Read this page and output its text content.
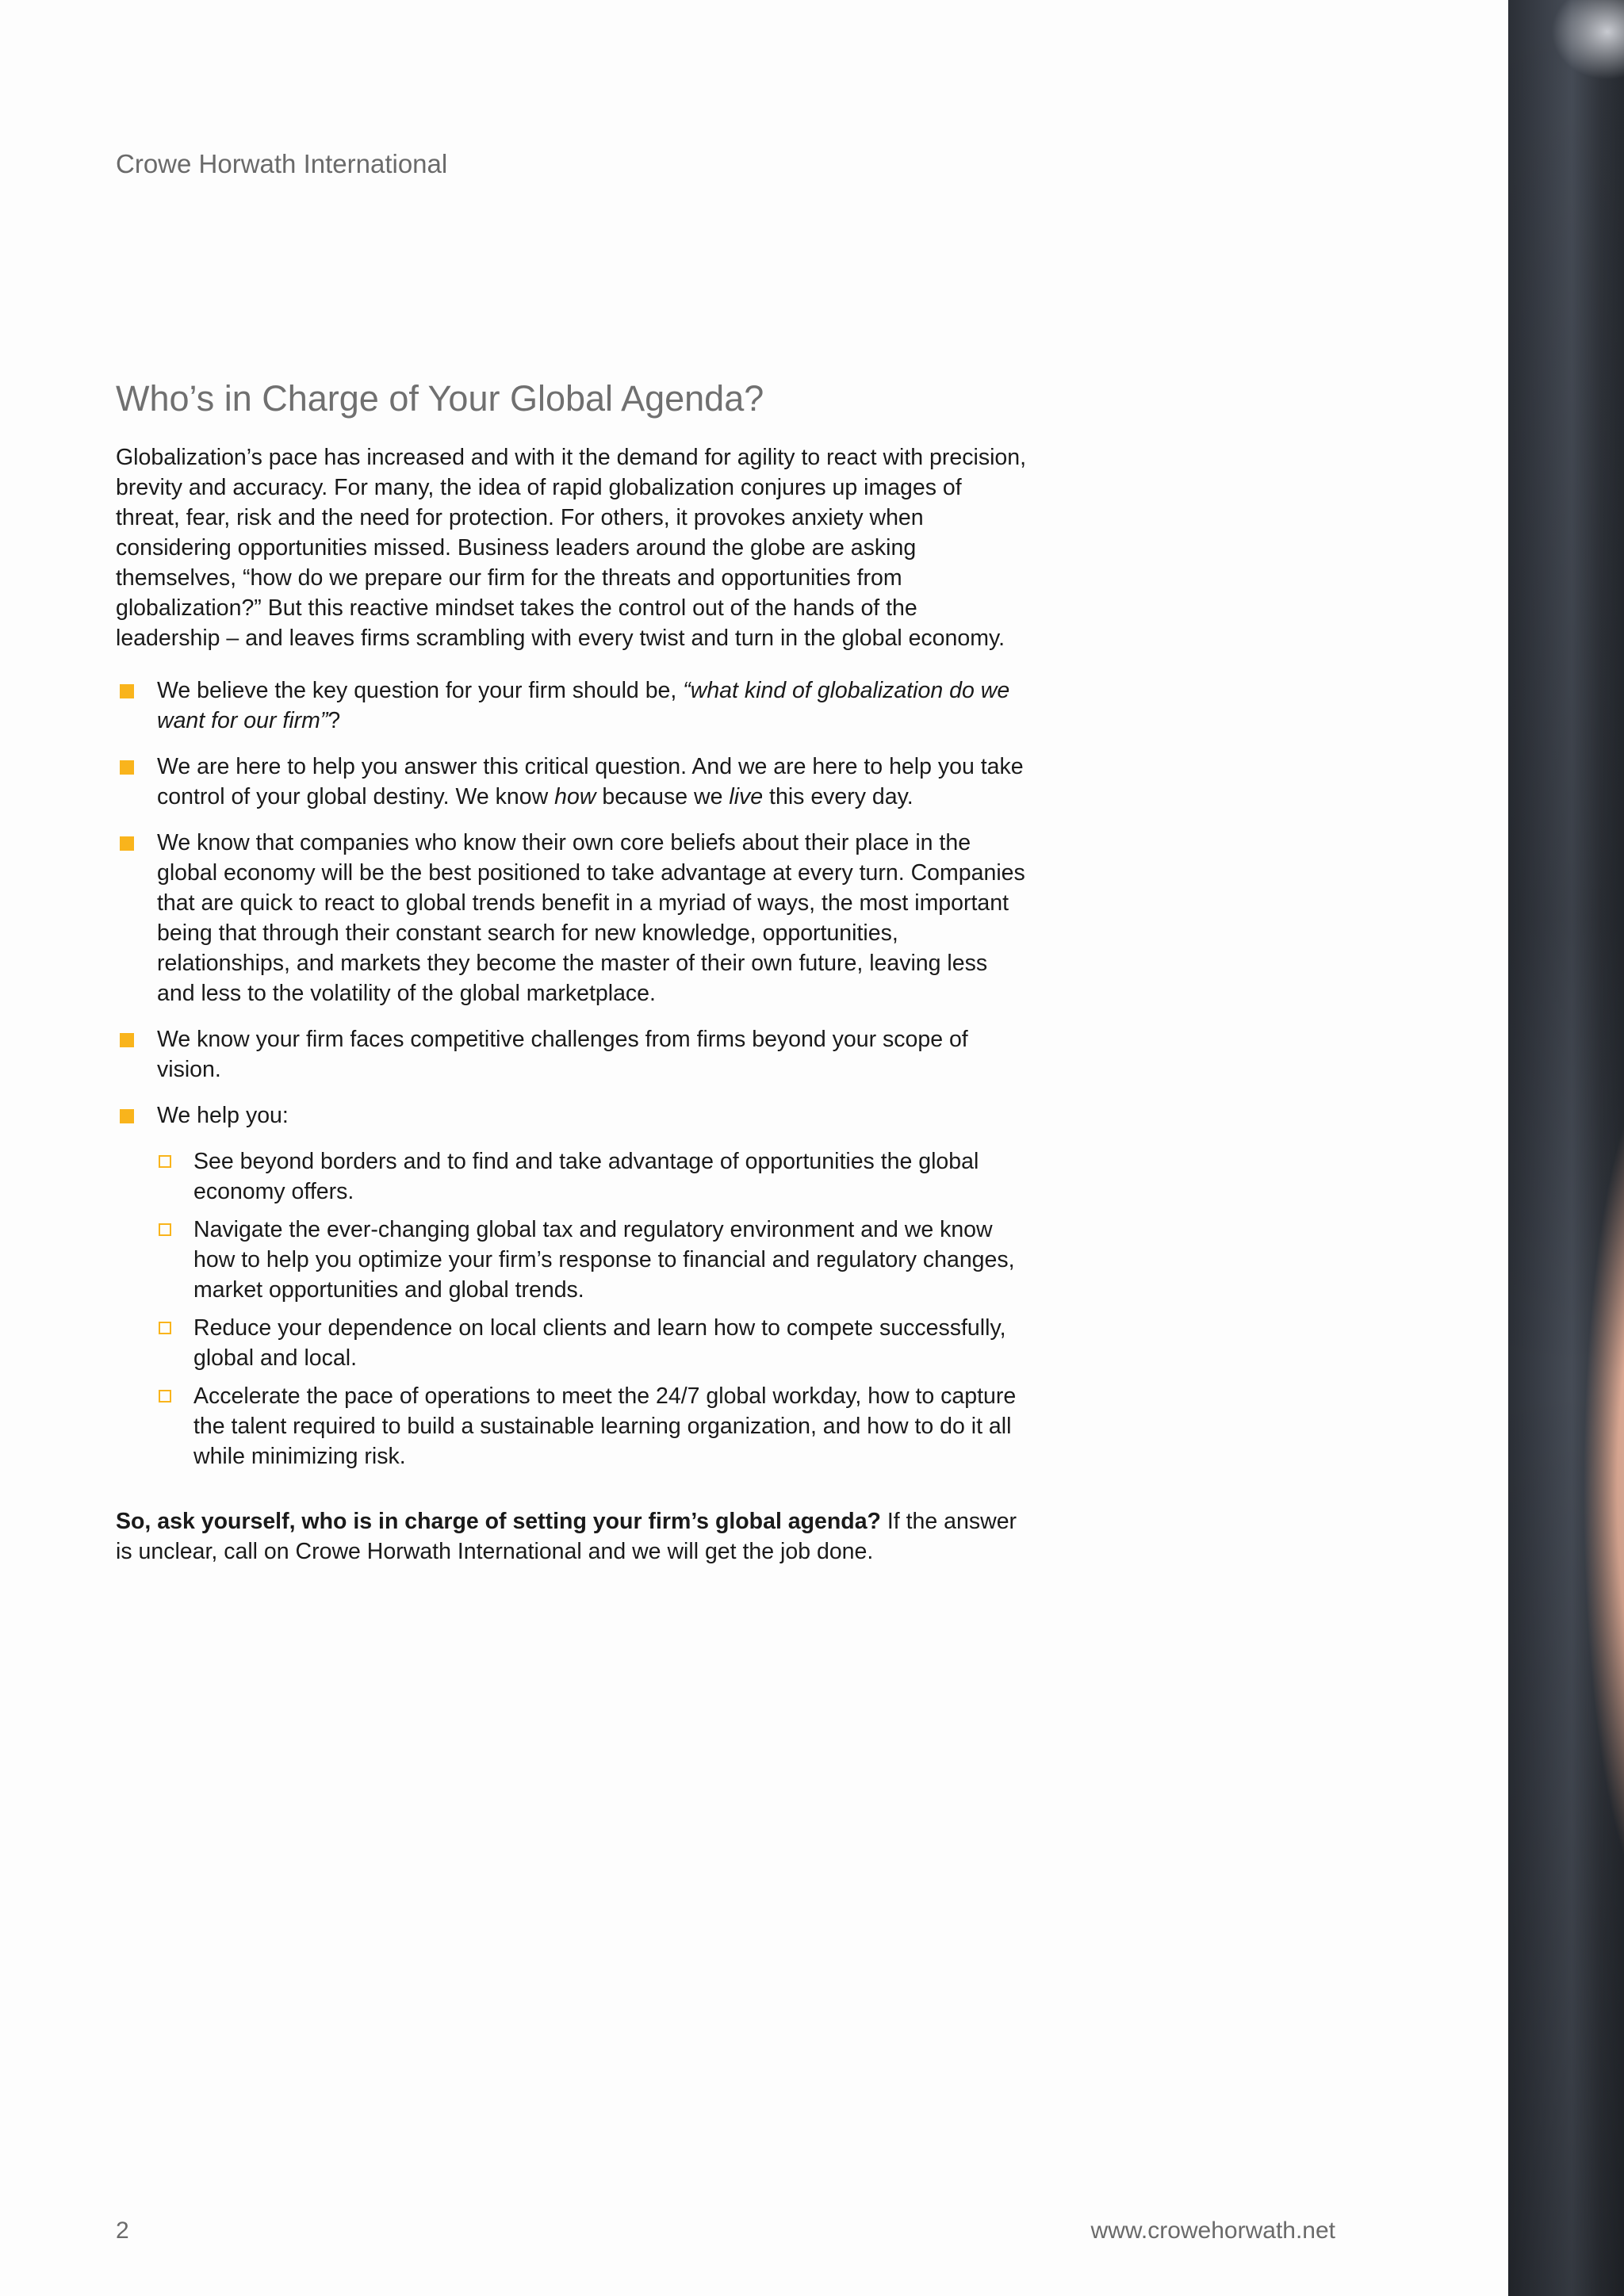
Crowe Horwath International

Who’s in Charge of Your Global Agenda?

Globalization’s pace has increased and with it the demand for agility to react with precision, brevity and accuracy. For many, the idea of rapid globalization conjures up images of threat, fear, risk and the need for protection. For others, it provokes anxiety when considering opportunities missed. Business leaders around the globe are asking themselves, “how do we prepare our firm for the threats and opportunities from globalization?” But this reactive mindset takes the control out of the hands of the leadership – and leaves firms scrambling with every twist and turn in the global economy.

We believe the key question for your firm should be, “what kind of globalization do we want for our firm”?
We are here to help you answer this critical question. And we are here to help you take control of your global destiny. We know how because we live this every day.
We know that companies who know their own core beliefs about their place in the global economy will be the best positioned to take advantage at every turn. Companies that are quick to react to global trends benefit in a myriad of ways, the most important being that through their constant search for new knowledge, opportunities, relationships, and markets they become the master of their own future, leaving less and less to the volatility of the global marketplace.
We know your firm faces competitive challenges from firms beyond your scope of vision.
We help you:
See beyond borders and to find and take advantage of opportunities the global economy offers.
Navigate the ever-changing global tax and regulatory environment and we know how to help you optimize your firm’s response to financial and regulatory changes, market opportunities and global trends.
Reduce your dependence on local clients and learn how to compete successfully, global and local.
Accelerate the pace of operations to meet the 24/7 global workday, how to capture the talent required to build a sustainable learning organization, and how to do it all while minimizing risk.

So, ask yourself, who is in charge of setting your firm’s global agenda? If the answer is unclear, call on Crowe Horwath International and we will get the job done.

2	www.crowehorwath.net
